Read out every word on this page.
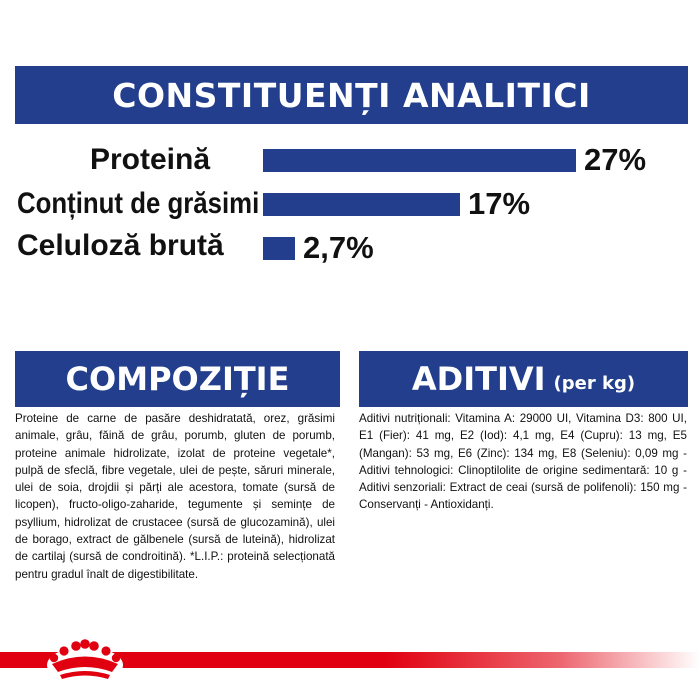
CONSTITUENȚI ANALITICI
Proteină	27%
Conținut de grăsimi	17%
Celuloză brută	2,7%
COMPOZIȚIE
Proteine de carne de pasăre deshidratată, orez, grăsimi animale, grâu, făină de grâu, porumb, gluten de porumb, proteine animale hidrolizate, izolat de proteine vegetale*, pulpă de sfeclă, fibre vegetale, ulei de pește, săruri minerale, ulei de soia, drojdii și părți ale acestora, tomate (sursă de licopen), fructo-oligo-zaharide, tegumente și semințe de psyllium, hidrolizat de crustacee (sursă de glucozamină), ulei de borago, extract de gălbenele (sursă de luteină), hidrolizat de cartilaj (sursă de condroitină). *L.I.P.: proteină selecționată pentru gradul înalt de digestibilitate.
ADITIVI (per kg)
Aditivi nutriționali: Vitamina A: 29000 UI, Vitamina D3: 800 UI, E1 (Fier): 41 mg, E2 (Iod): 4,1 mg, E4 (Cupru): 13 mg, E5 (Mangan): 53 mg, E6 (Zinc): 134 mg, E8 (Seleniu): 0,09 mg - Aditivi tehnologici: Clinoptilolite de origine sedimentară: 10 g - Aditivi senzoriali: Extract de ceai (sursă de polifenoli): 150 mg - Conservanți - Antioxidanți.
